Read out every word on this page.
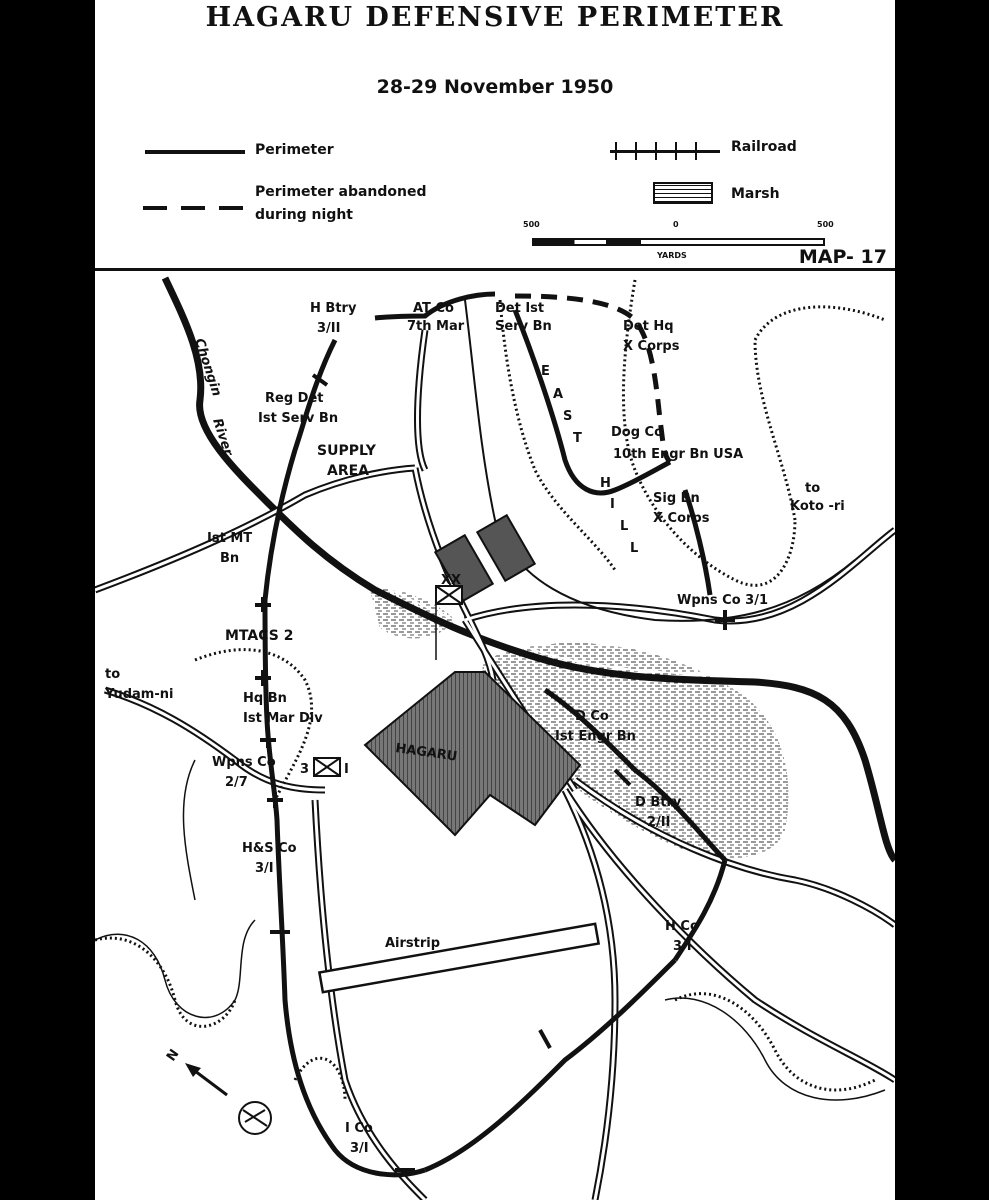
HAGARU DEFENSIVE PERIMETER
28-29 November 1950
Perimeter
Perimeter abandoned
during night
Railroad
Marsh
500	0	500
YARDS	MAP- 17
H Btry
3/II
AT Co
7th Mar
Det Ist
Serv Bn	Det Hq
X Corps
Reg Det
Ist Serv Bn
Chongin
River	SUPPLY
AREA
E
A
S
T
H
I
L
L
Dog Co
10th Engr Bn USA
Sig Bn
X Corps
to
Koto -ri
Ist MT
Bn
Wpns Co 3/1
MTACS 2
to
Yudam-ni	Hq Bn
Ist Mar Div	D Co
Ist Engr Bn
Wpns Co
2/7
HAGARU
D Btry
2/II
H&S Co
3/I
Airstrip
H Co
3/I
I Co
3/I
XX
3	I
N
